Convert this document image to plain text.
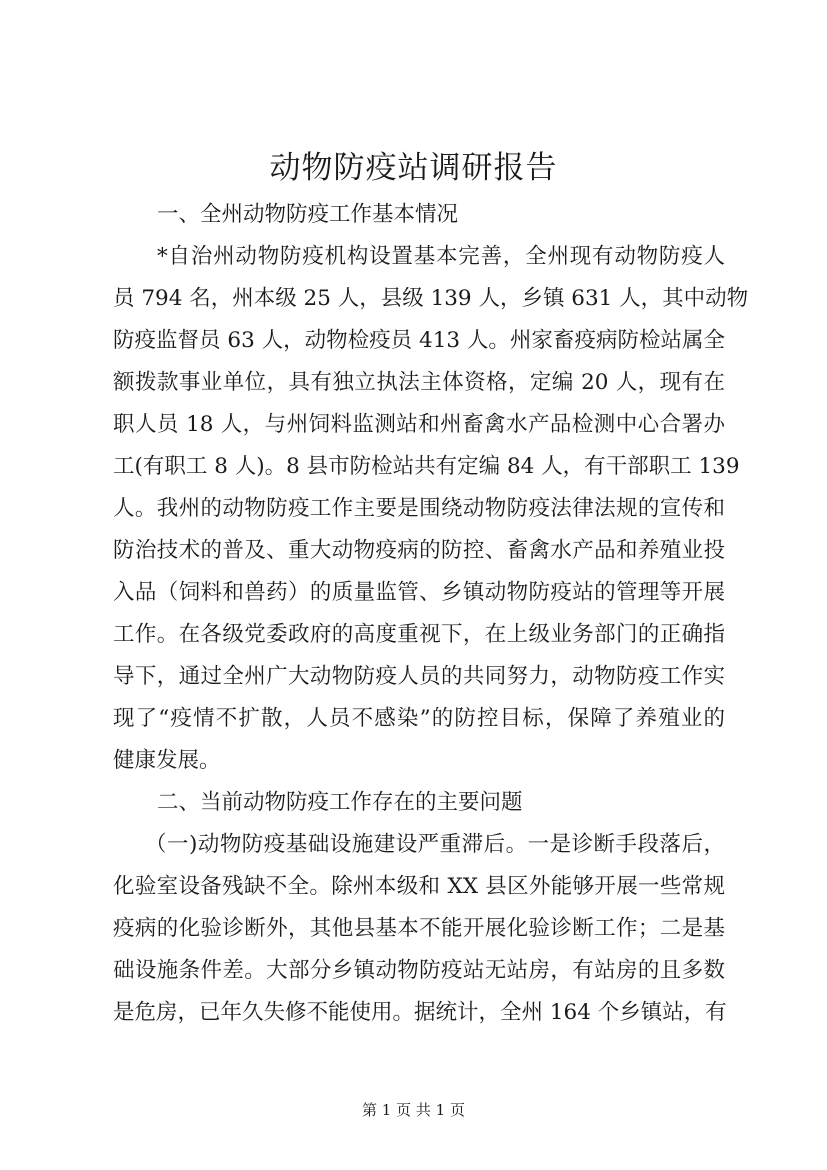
动物防疫站调研报告
一、全州动物防疫工作基本情况
*自治州动物防疫机构设置基本完善，全州现有动物防疫人
员 794 名，州本级 25 人，县级 139 人，乡镇 631 人，其中动物
防疫监督员 63 人，动物检疫员 413 人。州家畜疫病防检站属全
额拨款事业单位，具有独立执法主体资格，定编 20 人，现有在
职人员 18 人，与州饲料监测站和州畜禽水产品检测中心合署办
工(有职工 8 人)。8 县市防检站共有定编 84 人，有干部职工 139
人。我州的动物防疫工作主要是围绕动物防疫法律法规的宣传和
防治技术的普及、重大动物疫病的防控、畜禽水产品和养殖业投
入品（饲料和兽药）的质量监管、乡镇动物防疫站的管理等开展
工作。在各级党委政府的高度重视下，在上级业务部门的正确指
导下，通过全州广大动物防疫人员的共同努力，动物防疫工作实
现了“疫情不扩散，人员不感染”的防控目标，保障了养殖业的
健康发展。
二、当前动物防疫工作存在的主要问题
（一)动物防疫基础设施建设严重滞后。一是诊断手段落后，
化验室设备残缺不全。除州本级和 XX 县区外能够开展一些常规
疫病的化验诊断外，其他县基本不能开展化验诊断工作；二是基
础设施条件差。大部分乡镇动物防疫站无站房，有站房的且多数
是危房，已年久失修不能使用。据统计，全州 164 个乡镇站，有
第 1 页 共 1 页
